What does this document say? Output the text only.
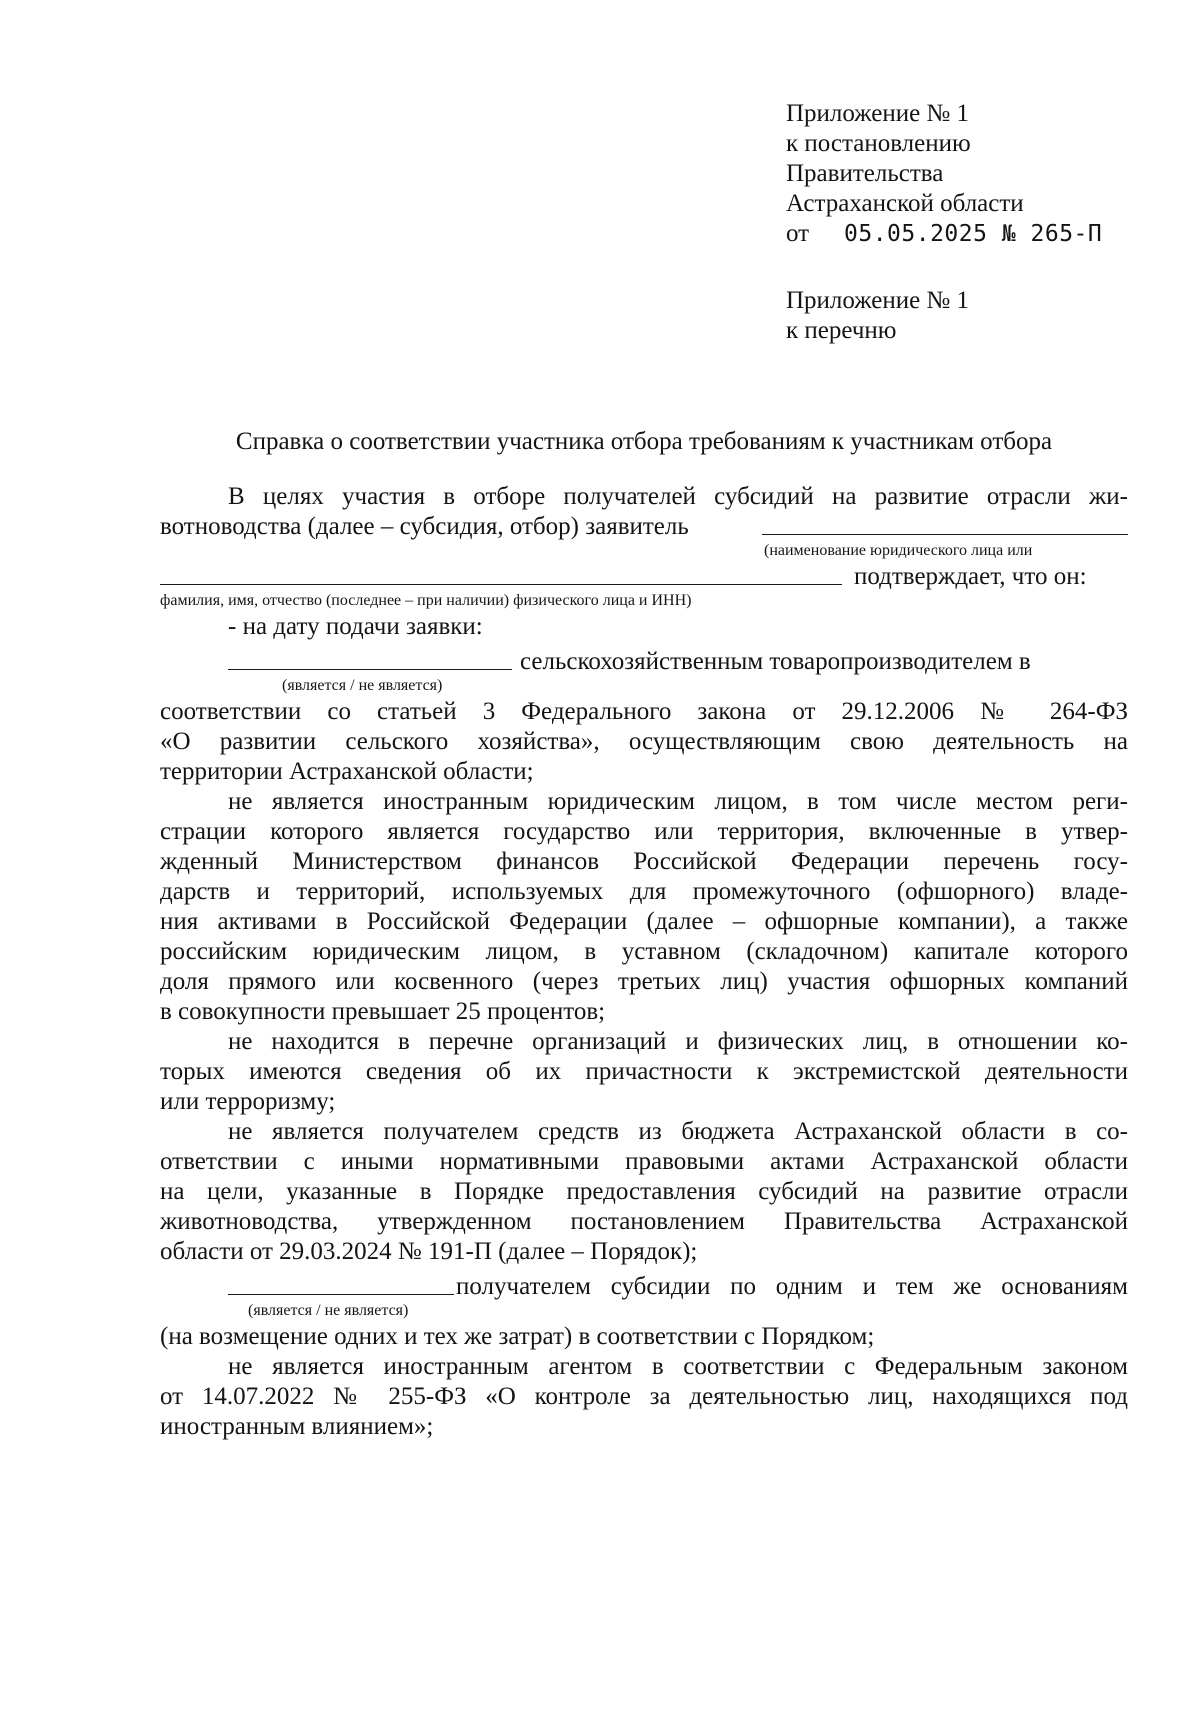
Приложение № 1
к постановлению
Правительства
Астраханской области
от 05.05.2025 № 265-П
Приложение № 1
к перечню

Справка о соответствии участника отбора требованиям к участникам отбора

В целях участия в отборе получателей субсидий на развитие отрасли жи-

вотноводства (далее – субсидия, отбор) заявитель
(наименование юридического лица или
подтверждает, что он:
фамилия, имя, отчество (последнее – при наличии) физического лица и ИНН)

- на дату подачи заявки:

сельскохозяйственным товаропроизводителем в
(является / не является)

соответствии со статьей 3 Федерального закона от 29.12.2006 № 264-ФЗ

«О развитии сельского хозяйства», осуществляющим свою деятельность на

территории Астраханской области;

не является иностранным юридическим лицом, в том числе местом реги-

страции которого является государство или территория, включенные в утвер-

жденный Министерством финансов Российской Федерации перечень госу-

дарств и территорий, используемых для промежуточного (офшорного) владе-

ния активами в Российской Федерации (далее – офшорные компании), а также

российским юридическим лицом, в уставном (складочном) капитале которого

доля прямого или косвенного (через третьих лиц) участия офшорных компаний

в совокупности превышает 25 процентов;

не находится в перечне организаций и физических лиц, в отношении ко-

торых имеются сведения об их причастности к экстремистской деятельности

или терроризму;

не является получателем средств из бюджета Астраханской области в со-

ответствии с иными нормативными правовыми актами Астраханской области

на цели, указанные в Порядке предоставления субсидий на развитие отрасли

животноводства, утвержденном постановлением Правительства Астраханской

области от 29.03.2024 № 191-П (далее – Порядок);

получателем субсидии по одним и тем же основаниям
(является / не является)

(на возмещение одних и тех же затрат) в соответствии с Порядком;

не является иностранным агентом в соответствии с Федеральным законом

от 14.07.2022 № 255-ФЗ «О контроле за деятельностью лиц, находящихся под

иностранным влиянием»;
